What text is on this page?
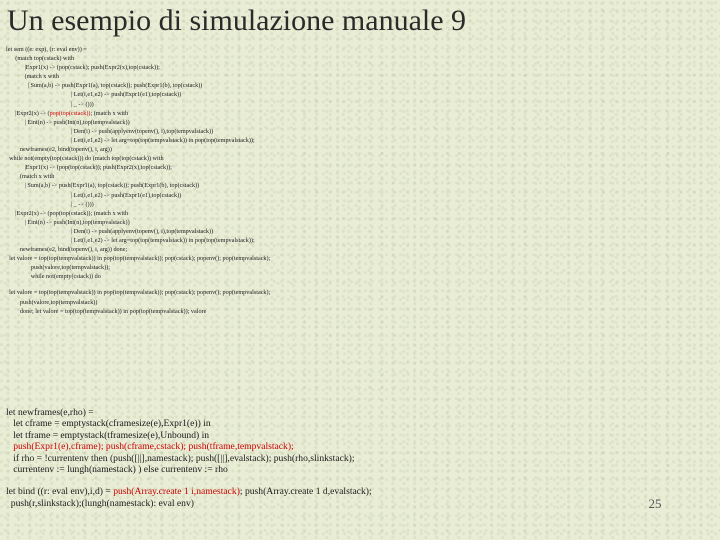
Un esempio di simulazione manuale 9
let sem ((e: exp), (r: eval env)) =
(match top(cstack) with
|Expr1(x) -> (pop(cstack); push(Expr2(x),top(cstack));
(match x with
| Sum(a,b) -> push(Expr1(a), top(cstack)); push(Expr1(b), top(cstack))
| Let(i,e1,e2) -> push(Expr1(e1),top(cstack))
| _ -> ()))
|Expr2(x) -> (pop(top(cstack)); (match x with
| Eint(n) -> push(Int(n),top(tempvalstack))
| Den(i) -> push(applyenv(topenv(), i),top(tempvalstack))
| Let(i,e1,e2) -> let arg=top(top(tempvalstack)) in pop(top(tempvalstack));
newframes(e2, bind(topenv(), i, arg))
while not(empty(top(cstack))) do (match top(top(cstack)) with
|Expr1(x) -> (pop(top(cstack)); push(Expr2(x),top(cstack));
(match x with
| Sum(a,b) -> push(Expr1(a), top(cstack)); push(Expr1(b), top(cstack))
| Let(i,e1,e2) -> push(Expr1(e1),top(cstack))
| _ -> ()))
|Expr2(x) -> (pop(top(cstack)); (match x with
| Eint(n) -> push(Int(n),top(tempvalstack))
| Den(i) -> push(applyenv(topenv(), i),top(tempvalstack))
| Let(i,e1,e2) -> let arg=top(top(tempvalstack)) in pop(top(tempvalstack));
newframes(e2, bind(topenv(), i, arg)) done;
let valore = top(top(tempvalstack)) in pop(top(tempvalstack)); pop(cstack); popenv(); pop(tempvalstack);
push(valore,top(tempvalstack));
while not(empty(cstack)) do
let valore = top(top(tempvalstack)) in pop(top(tempvalstack)); pop(cstack); popenv(); pop(tempvalstack);
push(valore,top(tempvalstack))
done; let valore = top(top(tempvalstack)) in pop(top(tempvalstack)); valore
let newframes(e,rho) =
let cframe = emptystack(cframesize(e),Expr1(e)) in
let tframe = emptystack(tframesize(e),Unbound) in
push(Expr1(e),cframe); push(cframe,cstack); push(tframe,tempvalstack);
if rho = !currentenv then (push([||],namestack); push([||],evalstack); push(rho,slinkstack);
currentenv := lungh(namestack) ) else currentenv := rho
let bind ((r: eval env),i,d) = push(Array.create 1 i,namestack); push(Array.create 1 d,evalstack);
push(r,slinkstack);(lungh(namestack): eval env)	25
